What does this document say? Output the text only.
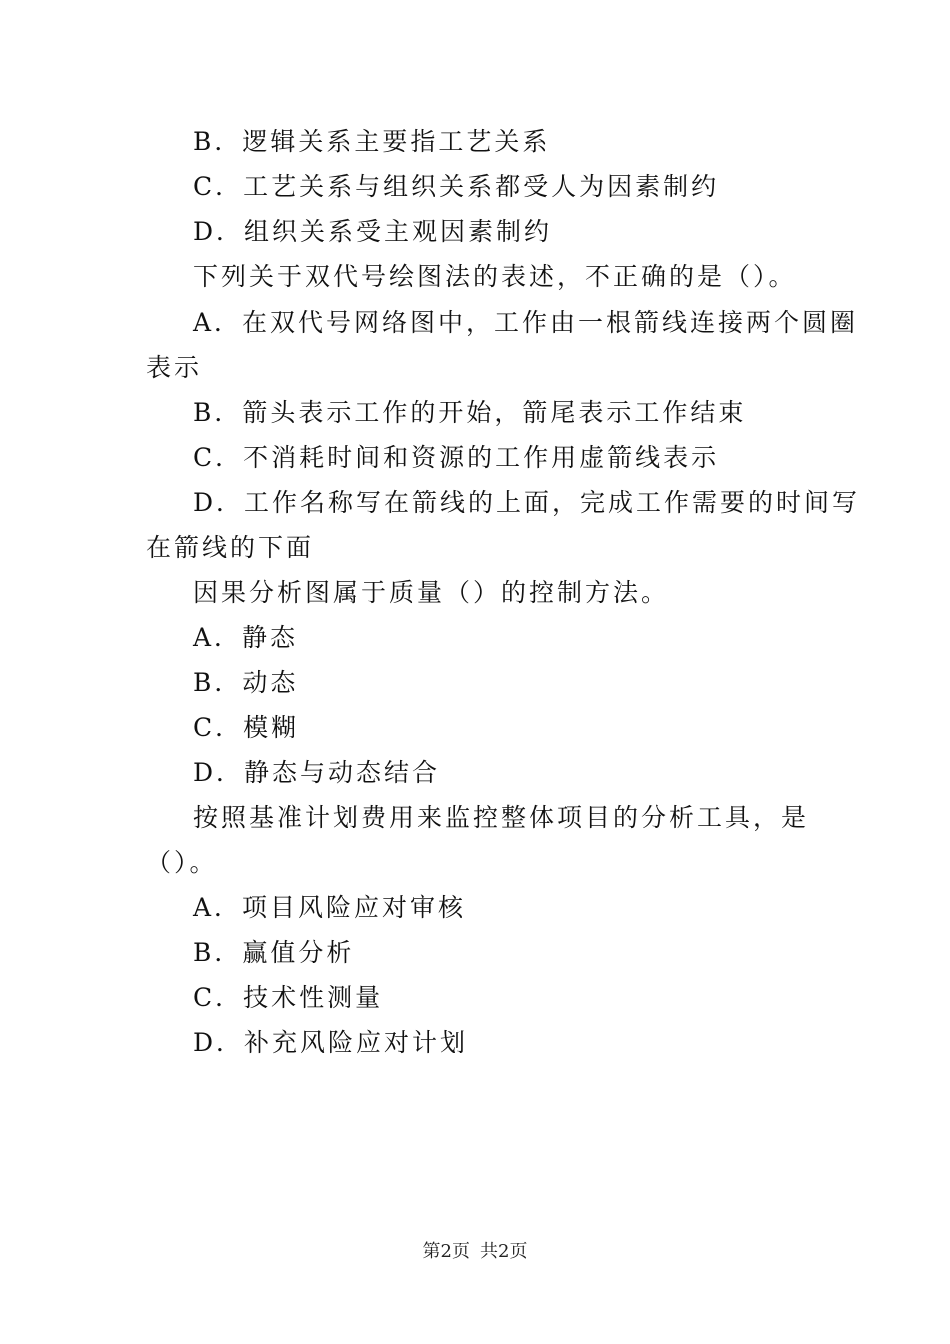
B．逻辑关系主要指工艺关系
C．工艺关系与组织关系都受人为因素制约
D．组织关系受主观因素制约
下列关于双代号绘图法的表述，不正确的是（）。
A．在双代号网络图中，工作由一根箭线连接两个圆圈
表示
B．箭头表示工作的开始，箭尾表示工作结束
C．不消耗时间和资源的工作用虚箭线表示
D．工作名称写在箭线的上面，完成工作需要的时间写
在箭线的下面
因果分析图属于质量（）的控制方法。
A．静态
B．动态
C．模糊
D．静态与动态结合
按照基准计划费用来监控整体项目的分析工具，是
（）。
A．项目风险应对审核
B．赢值分析
C．技术性测量
D．补充风险应对计划
第2页 共2页
